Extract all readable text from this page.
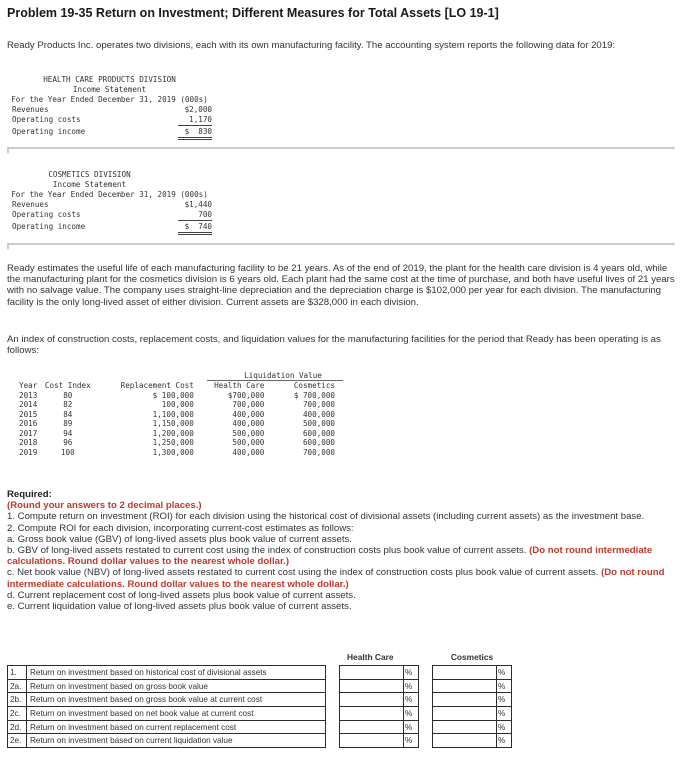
Problem 19-35 Return on Investment; Different Measures for Total Assets [LO 19-1]
Ready Products Inc. operates two divisions, each with its own manufacturing facility. The accounting system reports the following data for 2019:
HEALTH CARE PRODUCTS DIVISION
Income Statement
For the Year Ended December 31, 2019 (000s)
Revenues	$2,000
Operating costs	1,170
Operating income	$  830
COSMETICS DIVISION
Income Statement
For the Year Ended December 31, 2019 (000s)
Revenues	$1,440
Operating costs	700
Operating income	$  740
Ready estimates the useful life of each manufacturing facility to be 21 years. As of the end of 2019, the plant for the health care division is 4 years old, while the manufacturing plant for the cosmetics division is 6 years old. Each plant had the same cost at the time of purchase, and both have useful lives of 21 years with no salvage value. The company uses straight-line depreciation and the depreciation charge is $102,000 per year for each division. The manufacturing facility is the only long-lived asset of either division. Current assets are $328,000 in each division.
An index of construction costs, replacement costs, and liquidation values for the manufacturing facilities for the period that Ready has been operating is as follows:
Liquidation Value
Year	Cost Index	Replacement Cost	Health Care	Cosmetics
2013	80	$ 100,000	$700,000	$ 700,000
2014	82	100,000	700,000	700,000
2015	84	1,100,000	400,000	400,000
2016	89	1,150,000	400,000	500,000
2017	94	1,200,000	500,000	600,000
2018	96	1,250,000	500,000	600,000
2019	100	1,300,000	400,000	700,000
Required:
(Round your answers to 2 decimal places.)
1. Compute return on investment (ROI) for each division using the historical cost of divisional assets (including current assets) as the investment base.
2. Compute ROI for each division, incorporating current-cost estimates as follows:
a. Gross book value (GBV) of long-lived assets plus book value of current assets.
b. GBV of long-lived assets restated to current cost using the index of construction costs plus book value of current assets. (Do not round intermediate calculations. Round dollar values to the nearest whole dollar.)
c. Net book value (NBV) of long-lived assets restated to current cost using the index of construction costs plus book value of current assets. (Do not round intermediate calculations. Round dollar values to the nearest whole dollar.)
d. Current replacement cost of long-lived assets plus book value of current assets.
e. Current liquidation value of long-lived assets plus book value of current assets.
Health Care	Cosmetics
1.	Return on investment based on historical cost of divisional assets			%			%
2a.	Return on investment based on gross book value			%			%
2b.	Return on investment based on gross book value at current cost			%			%
2c.	Return on investment based on net book value at current cost			%			%
2d.	Return on investment based on current replacement cost			%			%
2e.	Return on investment based on current liquidation value			%			%
